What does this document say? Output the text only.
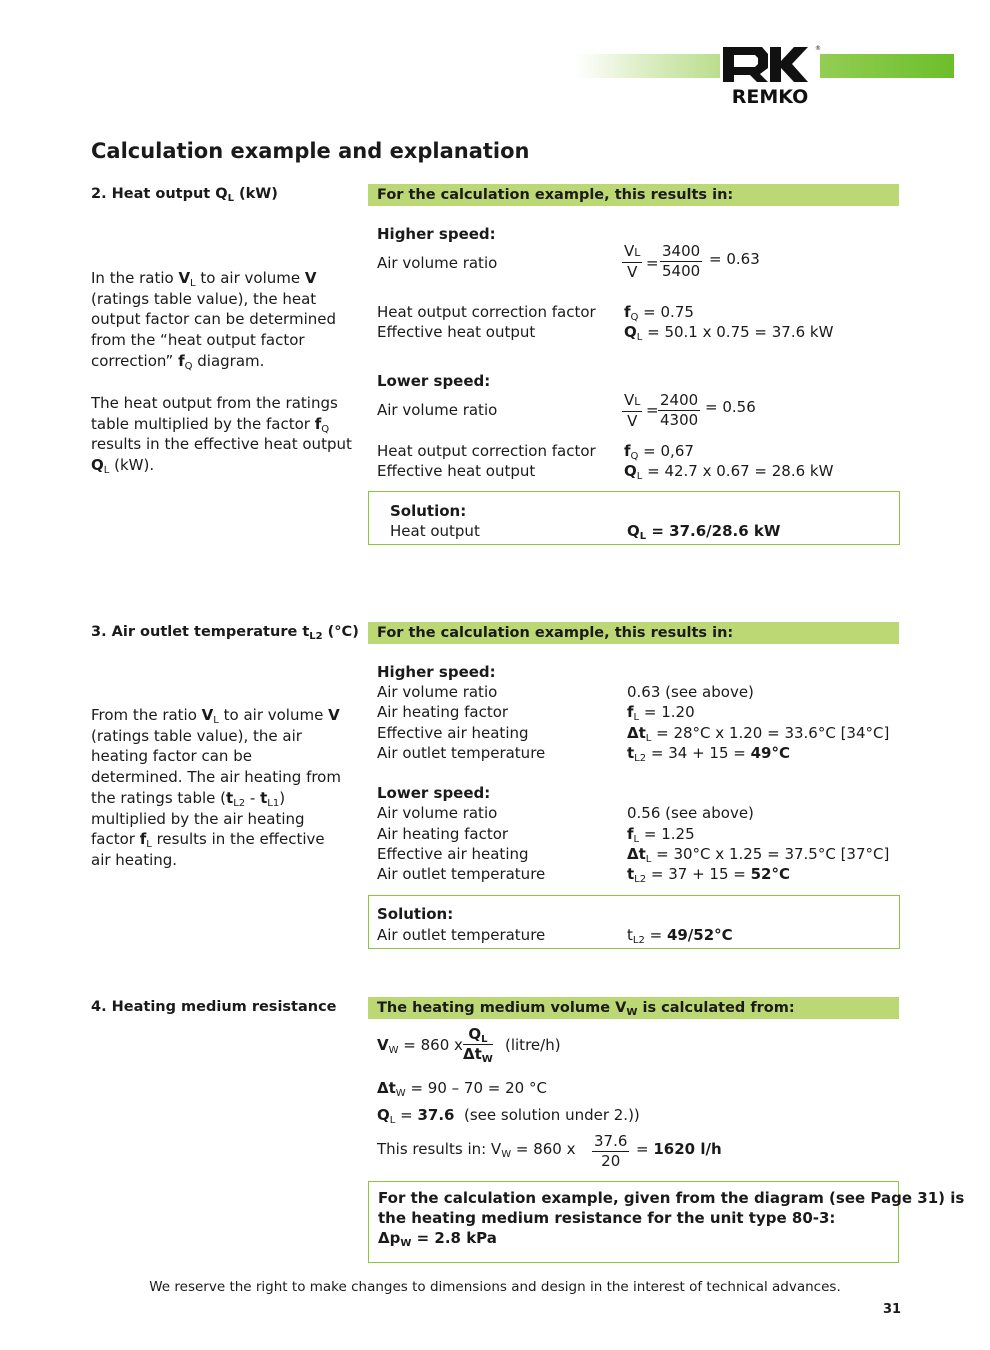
®
REMKO
Calculation example and explanation
2. Heat output $Q_L$ (kW)	For the calculation example, this results in:
In the ratio $V_L$ to air volume V (ratings table value), the heat output factor can be determined from the “heat output factor correction” $f_Q$ diagram.
The heat output from the ratings table multiplied by the factor $f_Q$ results in the effective heat output $Q_L$ (kW).
Higher speed:
Air volume ratio	$\frac{VL}{V} = \frac{3400}{5400} = 0.63$
Heat output correction factor $f_Q = 0.75$
Effective heat output	$Q_L = 50.1$ x 0.75 = 37.6 kW
Lower speed:
Air volume ratio	$\frac{VL}{V} = \frac{2400}{4300} = 0.56$
Heat output correction factor $f_Q = 0,67$
Effective heat output	$Q_L = 42.7$ x 0.67 = 28.6 kW
Solution:
Heat output	$Q_L = 37.6/28.6$ kW
3. Air outlet temperature $t_{L2}$ (°C)	For the calculation example, this results in:
From the ratio $V_L$ to air volume V (ratings table value), the air heating factor can be determined. The air heating from the ratings table $(t_{L2} - t_{L1})$ multiplied by the air heating factor $f_L$ results in the effective air heating.
Higher speed:
Air volume ratio	0.63 (see above)
Air heating factor	$f_L = 1.20$
Effective air heating	$\Delta t_L = 28^\circ C$ x 1.20 = 33.6°C [34°C]
Air outlet temperature	$t_{L2} = 34 + 15 = 49^\circ C$
Lower speed:
Air volume ratio	0.56 (see above)
Air heating factor	$f_L = 1.25$
Effective air heating	$\Delta t_L = 30^\circ C$ x 1.25 = 37.5°C [37°C]
Air outlet temperature	$t_{L2} = 37 + 15 = 52^\circ C$
Solution:
Air outlet temperature	$t_{L2} = 49/52^\circ C$
4. Heating medium resistance	The heating medium volume $V_W$ is calculated from:
$V_W = 860$ x
$Q_L$
$\Delta t_W$
(litre/h)
$\Delta t_W = 90 - 70 = 20$ °C
$Q_L = 37.6$  (see solution under 2.))
This results in: $V_W = 860$ x $\frac{37.6}{20} = 1620$ l/h
For the calculation example, given from the diagram (see Page 31) is
the heating medium resistance for the unit type 80-3:
$\Delta p_W = 2.8$ kPa
We reserve the right to make changes to dimensions and design in the interest of technical advances.
31
